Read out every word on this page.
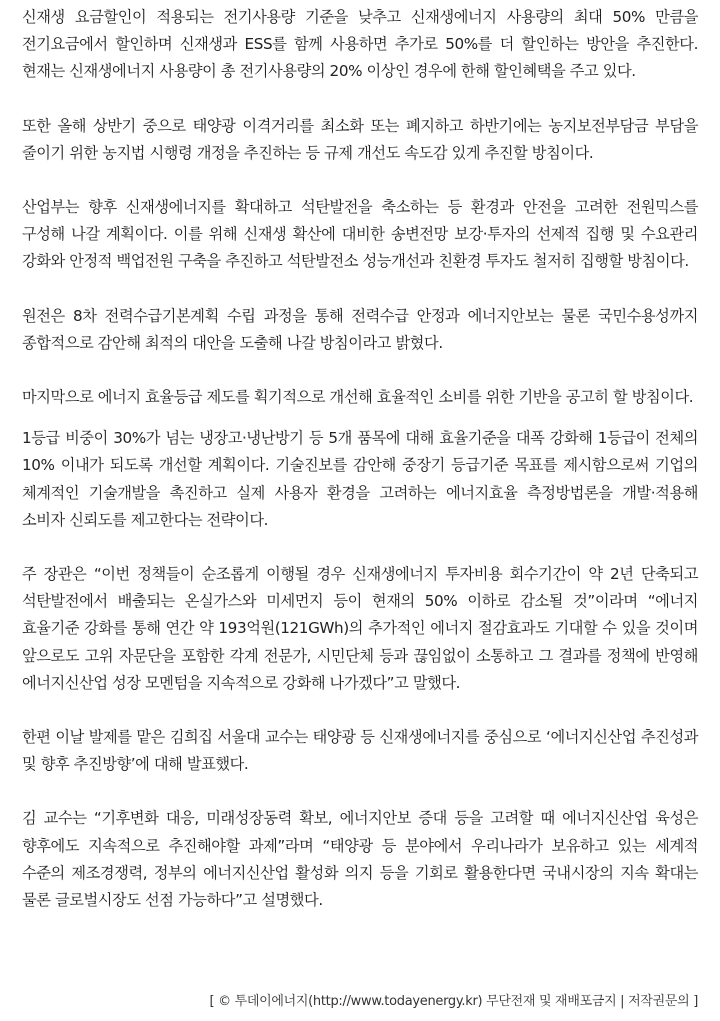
신재생 요금할인이 적용되는 전기사용량 기준을 낮추고 신재생에너지 사용량의 최대 50% 만큼을 전기요금에서 할인하며 신재생과 ESS를 함께 사용하면 추가로 50%를 더 할인하는 방안을 추진한다. 현재는 신재생에너지 사용량이 총 전기사용량의 20% 이상인 경우에 한해 할인혜택을 주고 있다.

또한 올해 상반기 중으로 태양광 이격거리를 최소화 또는 폐지하고 하반기에는 농지보전부담금 부담을 줄이기 위한 농지법 시행령 개정을 추진하는 등 규제 개선도 속도감 있게 추진할 방침이다.

산업부는 향후 신재생에너지를 확대하고 석탄발전을 축소하는 등 환경과 안전을 고려한 전원믹스를 구성해 나갈 계획이다. 이를 위해 신재생 확산에 대비한 송변전망 보강·투자의 선제적 집행 및 수요관리 강화와 안정적 백업전원 구축을 추진하고 석탄발전소 성능개선과 친환경 투자도 철저히 집행할 방침이다.

원전은 8차 전력수급기본계획 수립 과정을 통해 전력수급 안정과 에너지안보는 물론 국민수용성까지 종합적으로 감안해 최적의 대안을 도출해 나갈 방침이라고 밝혔다.

마지막으로 에너지 효율등급 제도를 획기적으로 개선해 효율적인 소비를 위한 기반을 공고히 할 방침이다.

1등급 비중이 30%가 넘는 냉장고·냉난방기 등 5개 품목에 대해 효율기준을 대폭 강화해 1등급이 전체의 10% 이내가 되도록 개선할 계획이다. 기술진보를 감안해 중장기 등급기준 목표를 제시함으로써 기업의 체계적인 기술개발을 촉진하고 실제 사용자 환경을 고려하는 에너지효율 측정방법론을 개발·적용해 소비자 신뢰도를 제고한다는 전략이다.

주 장관은 “이번 정책들이 순조롭게 이행될 경우 신재생에너지 투자비용 회수기간이 약 2년 단축되고 석탄발전에서 배출되는 온실가스와 미세먼지 등이 현재의 50% 이하로 감소될 것”이라며 “에너지 효율기준 강화를 통해 연간 약 193억원(121GWh)의 추가적인 에너지 절감효과도 기대할 수 있을 것이며 앞으로도 고위 자문단을 포함한 각계 전문가, 시민단체 등과 끊임없이 소통하고 그 결과를 정책에 반영해 에너지신산업 성장 모멘텀을 지속적으로 강화해 나가겠다”고 말했다.

한편 이날 발제를 맡은 김희집 서울대 교수는 태양광 등 신재생에너지를 중심으로 ‘에너지신산업 추진성과 및 향후 추진방향’에 대해 발표했다.

김 교수는 “기후변화 대응, 미래성장동력 확보, 에너지안보 증대 등을 고려할 때 에너지신산업 육성은 향후에도 지속적으로 추진해야할 과제”라며 “태양광 등 분야에서 우리나라가 보유하고 있는 세계적 수준의 제조경쟁력, 정부의 에너지신산업 활성화 의지 등을 기회로 활용한다면 국내시장의 지속 확대는 물론 글로벌시장도 선점 가능하다”고 설명했다.

[ © 투데이에너지(http://www.todayenergy.kr) 무단전재 및 재배포금지 | 저작권문의 ]
